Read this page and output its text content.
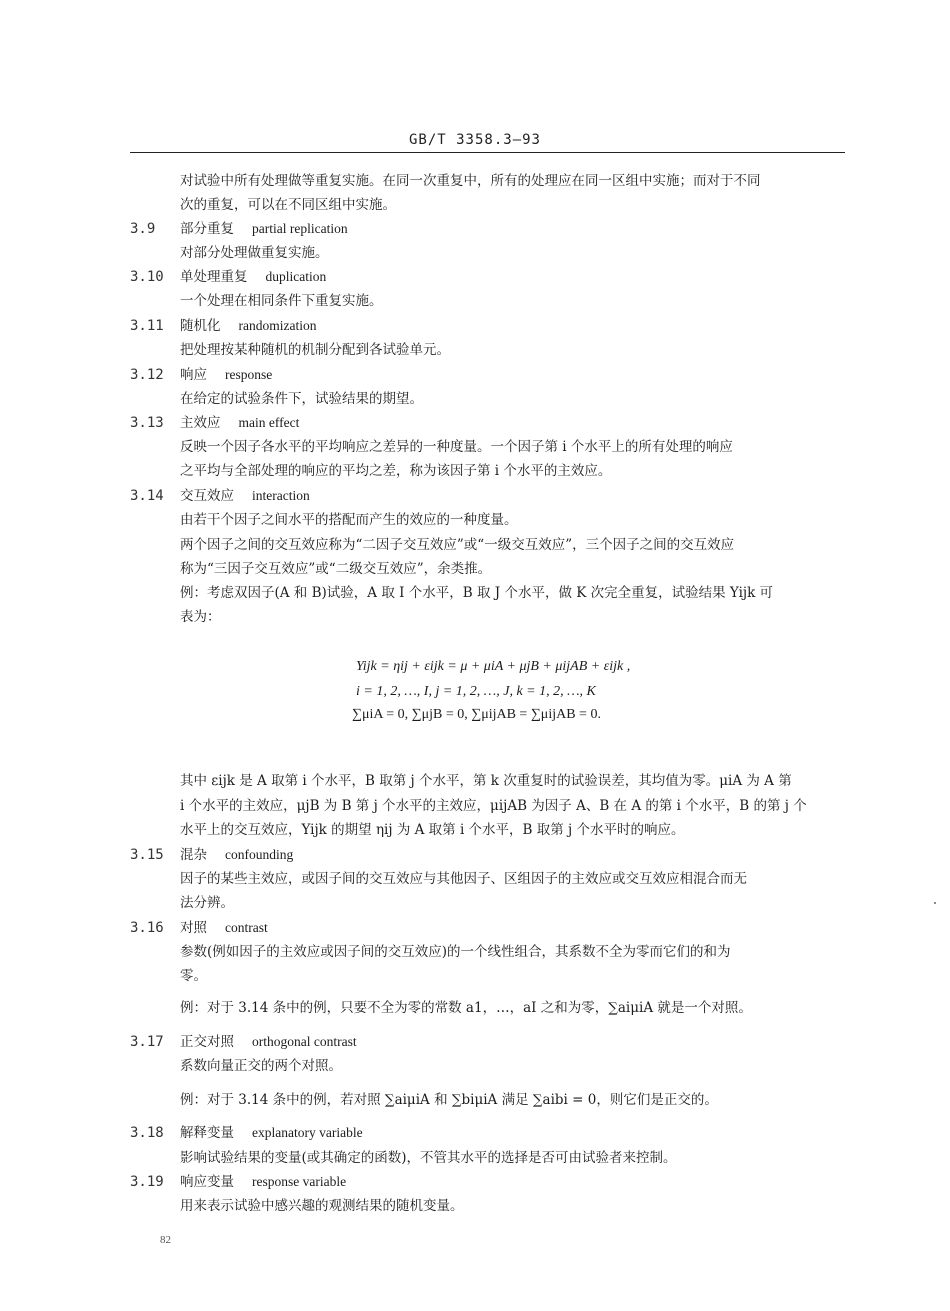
GB/T 3358.3—93
对试验中所有处理做等重复实施。在同一次重复中，所有的处理应在同一区组中实施；而对于不同
次的重复，可以在不同区组中实施。
3.9 部分重复 partial replication
对部分处理做重复实施。
3.10 单处理重复 duplication
一个处理在相同条件下重复实施。
3.11 随机化 randomization
把处理按某种随机的机制分配到各试验单元。
3.12 响应 response
在给定的试验条件下，试验结果的期望。
3.13 主效应 main effect
反映一个因子各水平的平均响应之差异的一种度量。一个因子第 i 个水平上的所有处理的响应
之平均与全部处理的响应的平均之差，称为该因子第 i 个水平的主效应。
3.14 交互效应 interaction
由若干个因子之间水平的搭配而产生的效应的一种度量。
两个因子之间的交互效应称为“二因子交互效应”或“一级交互效应”，三个因子之间的交互效应
称为“三因子交互效应”或“二级交互效应”，余类推。
例：考虑双因子(A 和 B)试验，A 取 I 个水平，B 取 J 个水平，做 K 次完全重复，试验结果 Yijk 可
表为：
Yijk = ηij + εijk = μ + μiA + μjB + μijAB + εijk ,
i = 1, 2, …, I, j = 1, 2, …, J, k = 1, 2, …, K
∑μiA = 0, ∑μjB = 0, ∑μijAB = ∑μijAB = 0.
其中 εijk 是 A 取第 i 个水平，B 取第 j 个水平，第 k 次重复时的试验误差，其均值为零。μiA 为 A 第
i 个水平的主效应，μjB 为 B 第 j 个水平的主效应，μijAB 为因子 A、B 在 A 的第 i 个水平，B 的第 j 个
水平上的交互效应，Yijk 的期望 ηij 为 A 取第 i 个水平，B 取第 j 个水平时的响应。
3.15 混杂 confounding
因子的某些主效应，或因子间的交互效应与其他因子、区组因子的主效应或交互效应相混合而无
法分辨。
3.16 对照 contrast
参数(例如因子的主效应或因子间的交互效应)的一个线性组合，其系数不全为零而它们的和为
零。
例：对于 3.14 条中的例，只要不全为零的常数 a1，…，aI 之和为零，∑aiμiA 就是一个对照。
3.17 正交对照 orthogonal contrast
系数向量正交的两个对照。
例：对于 3.14 条中的例，若对照 ∑aiμiA 和 ∑biμiA 满足 ∑aibi = 0，则它们是正交的。
3.18 解释变量 explanatory variable
影响试验结果的变量(或其确定的函数)，不管其水平的选择是否可由试验者来控制。
3.19 响应变量 response variable
用来表示试验中感兴趣的观测结果的随机变量。
82
